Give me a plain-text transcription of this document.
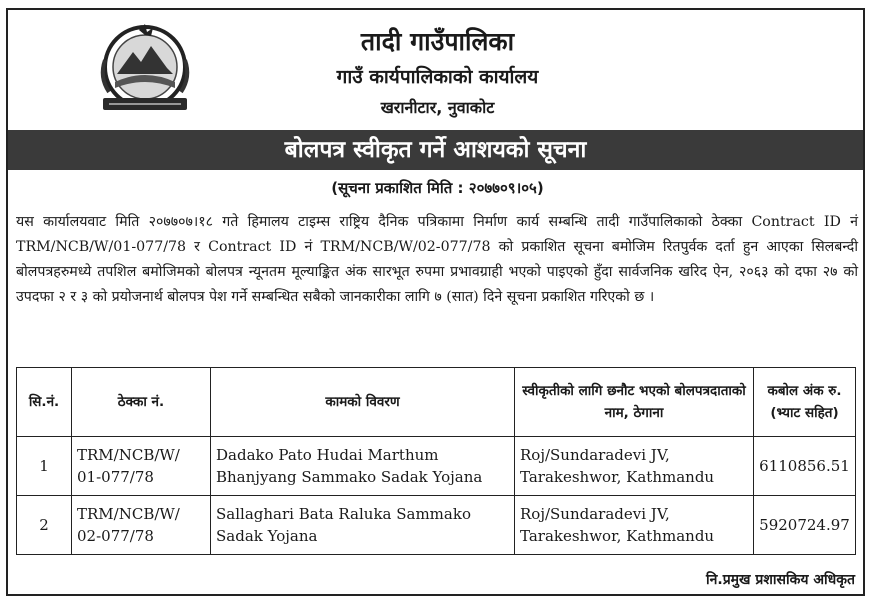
तादी गाउँपालिका
गाउँ कार्यपालिकाको कार्यालय
खरानीटार, नुवाकोट
बोलपत्र स्वीकृत गर्ने आशयको सूचना
(सूचना प्रकाशित मिति : २०७७०९।०५)
यस कार्यालयवाट मिति २०७७०७।१८ गते हिमालय टाइम्स राष्ट्रिय दैनिक पत्रिकामा निर्माण कार्य सम्बन्धि तादी गाउँपालिकाको ठेक्का Contract ID नं TRM/NCB/W/01-077/78 र Contract ID नं TRM/NCB/W/02-077/78 को प्रकाशित सूचना बमोजिम रितपुर्वक दर्ता हुन आएका सिलबन्दी बोलपत्रहरुमध्ये तपशिल बमोजिमको बोलपत्र न्यूनतम मूल्याङ्कित अंक सारभूत रुपमा प्रभावग्राही भएको पाइएको हुँदा सार्वजनिक खरिद ऐन, २०६३ को दफा २७ को उपदफा २ र ३ को प्रयोजनार्थ बोलपत्र पेश गर्ने सम्बन्धित सबैको जानकारीका लागि ७ (सात) दिने सूचना प्रकाशित गरिएको छ ।
सि.नं.	ठेक्का नं.	कामको विवरण	स्वीकृतीको लागि छनौट भएको बोलपत्रदाताको नाम, ठेगाना	कबोल अंक रु. (भ्याट सहित)
1	TRM/NCB/W/ 01-077/78	Dadako Pato Hudai Marthum Bhanjyang Sammako Sadak Yojana	Roj/Sundaradevi JV, Tarakeshwor, Kathmandu	6110856.51
2	TRM/NCB/W/ 02-077/78	Sallaghari Bata Raluka Sammako Sadak Yojana	Roj/Sundaradevi JV, Tarakeshwor, Kathmandu	5920724.97
नि.प्रमुख प्रशासकिय अधिकृत
